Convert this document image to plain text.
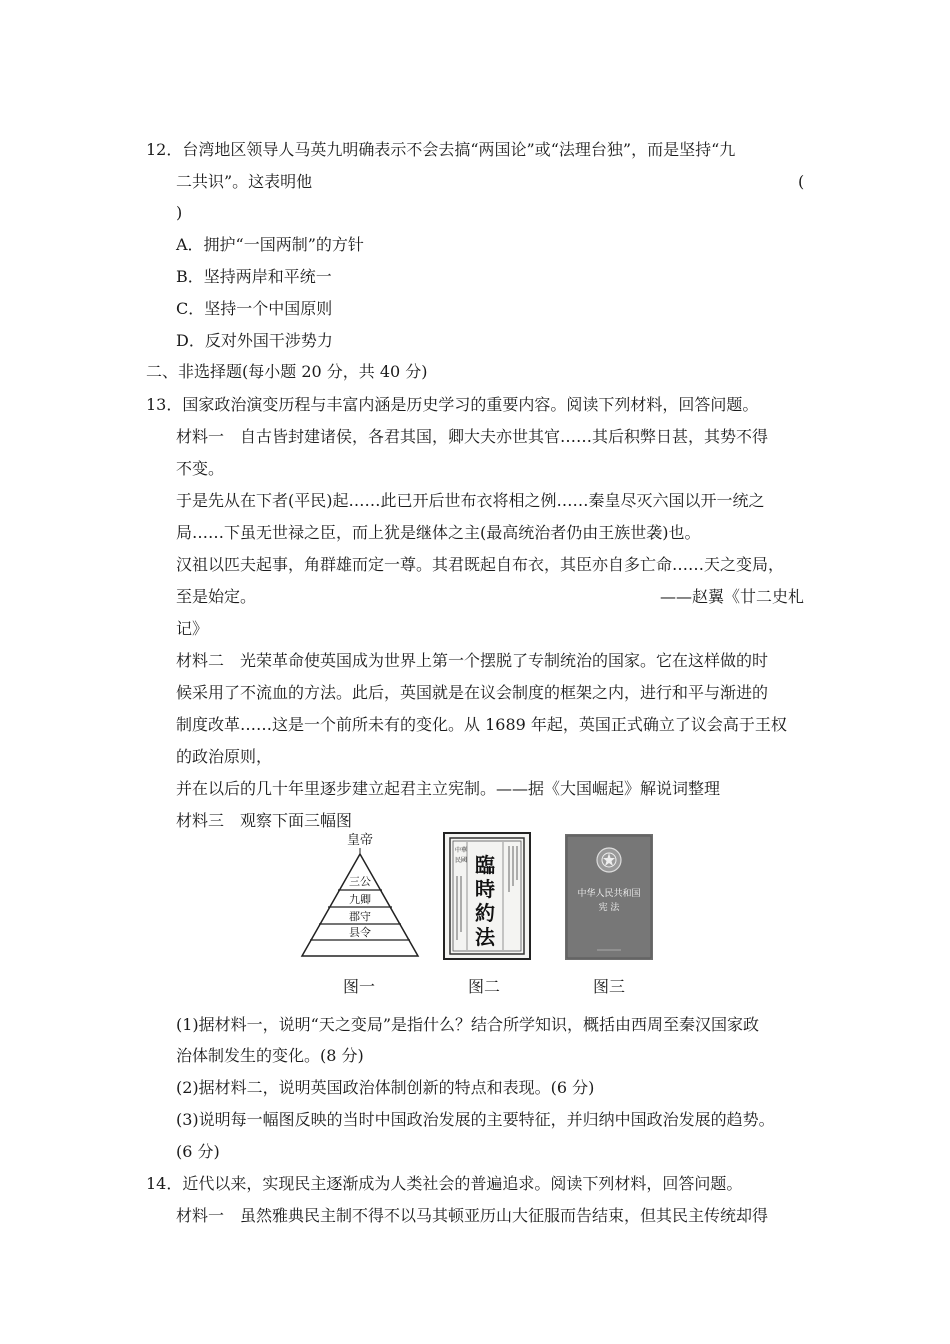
12．台湾地区领导人马英九明确表示不会去搞“两国论”或“法理台独”，而是坚持“九
二共识”。这表明他	(
)
A．拥护“一国两制”的方针
B．坚持两岸和平统一
C．坚持一个中国原则
D．反对外国干涉势力
二、非选择题(每小题 20 分，共 40 分)
13．国家政治演变历程与丰富内涵是历史学习的重要内容。阅读下列材料，回答问题。
材料一　自古皆封建诸侯，各君其国，卿大夫亦世其官……其后积弊日甚，其势不得
不变。
于是先从在下者(平民)起……此已开后世布衣将相之例……秦皇尽灭六国以开一统之
局……下虽无世禄之臣，而上犹是继体之主(最高统治者仍由王族世袭)也。
汉祖以匹夫起事，角群雄而定一尊。其君既起自布衣，其臣亦自多亡命……天之变局，
至是始定。	——赵翼《廿二史札
记》
材料二　光荣革命使英国成为世界上第一个摆脱了专制统治的国家。它在这样做的时
候采用了不流血的方法。此后，英国就是在议会制度的框架之内，进行和平与渐进的
制度改革……这是一个前所未有的变化。从 1689 年起，英国正式确立了议会高于王权
的政治原则，
并在以后的几十年里逐步建立起君主立宪制。——据《大国崛起》解说词整理
材料三　观察下面三幅图
皇帝
三公
九卿
郡守
县令
中華
民國 臨
時
約
法
中华人民共和国
宪 法
图一	图二	图三
(1)据材料一，说明“天之变局”是指什么？结合所学知识，概括由西周至秦汉国家政
治体制发生的变化。(8 分)
(2)据材料二，说明英国政治体制创新的特点和表现。(6 分)
(3)说明每一幅图反映的当时中国政治发展的主要特征，并归纳中国政治发展的趋势。
(6 分)
14．近代以来，实现民主逐渐成为人类社会的普遍追求。阅读下列材料，回答问题。
材料一　虽然雅典民主制不得不以马其顿亚历山大征服而告结束，但其民主传统却得
